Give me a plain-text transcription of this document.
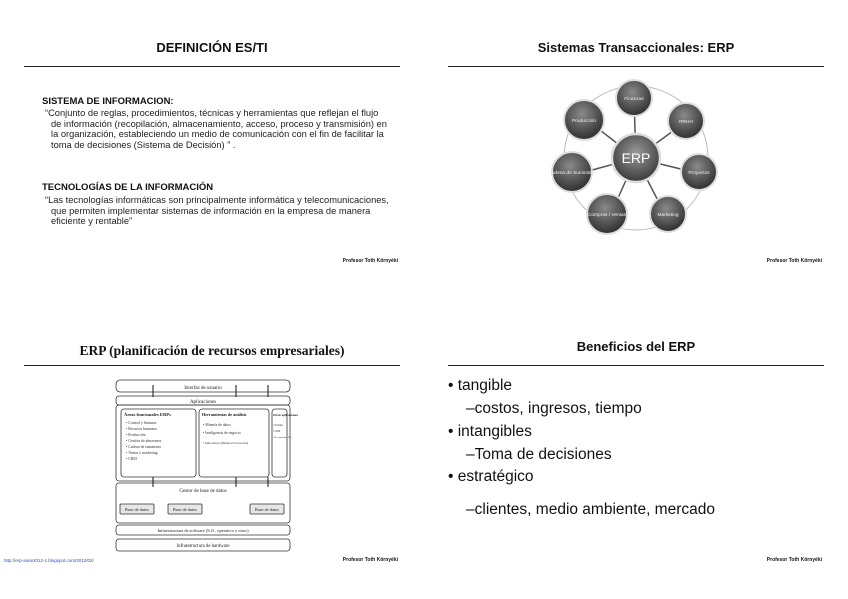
DEFINICIÓN ES/TI
SISTEMA DE INFORMACION:
“Conjunto de reglas, procedimientos, técnicas y herramientas que reflejan el flujo de información (recopilación, almacenamiento, acceso, proceso y transmisión) en la organización, estableciendo un medio de comunicación con el fin de facilitar la toma de decisiones (Sistema de Decisión) ” .
TECNOLOGÍAS DE LA INFORMACIÓN
“Las tecnologías informáticas son principalmente informática y telecomunicaciones, que permiten implementar sistemas de información en la empresa de manera eficiente y rentable”
Profesor Toth Környéki
Sistemas Transaccionales: ERP
ERP
Finanzas
RRHH
Proyectos
Marketing
Compras / Ventas
Cadena de Suministro
Producción
Profesor Toth Környéki
ERP (planificación de recursos empresariales)
Interfaz de usuario
Aplicaciones
Áreas funcionales ERPs	Herramientas de análisis	Otras aplicaciones
• Control y finanzas
• Recursos humanos
• Producción
• Gestión de almacenes
• Cadena de suministro
• Ventas y marketing
• CRM
• Minería de datos
• Inteligencia de negocio
• Indicadores (Balanced Scorecard)
• Nómina
• CRM
• Herramientas SIG
Gestor de base de datos
Base de datos	Base de datos	Base de datos
Infraestructura de software (S.O., operativo y otros)
Infraestructura de hardware
http://erp-sane2012-1.blogspot.com/2012/02/	Profesor Toth Környéki
Beneficios del ERP
• tangible
–costos, ingresos, tiempo
• intangibles
–Toma de decisiones
• estratégico
–clientes, medio ambiente, mercado
Profesor Toth Környéki
